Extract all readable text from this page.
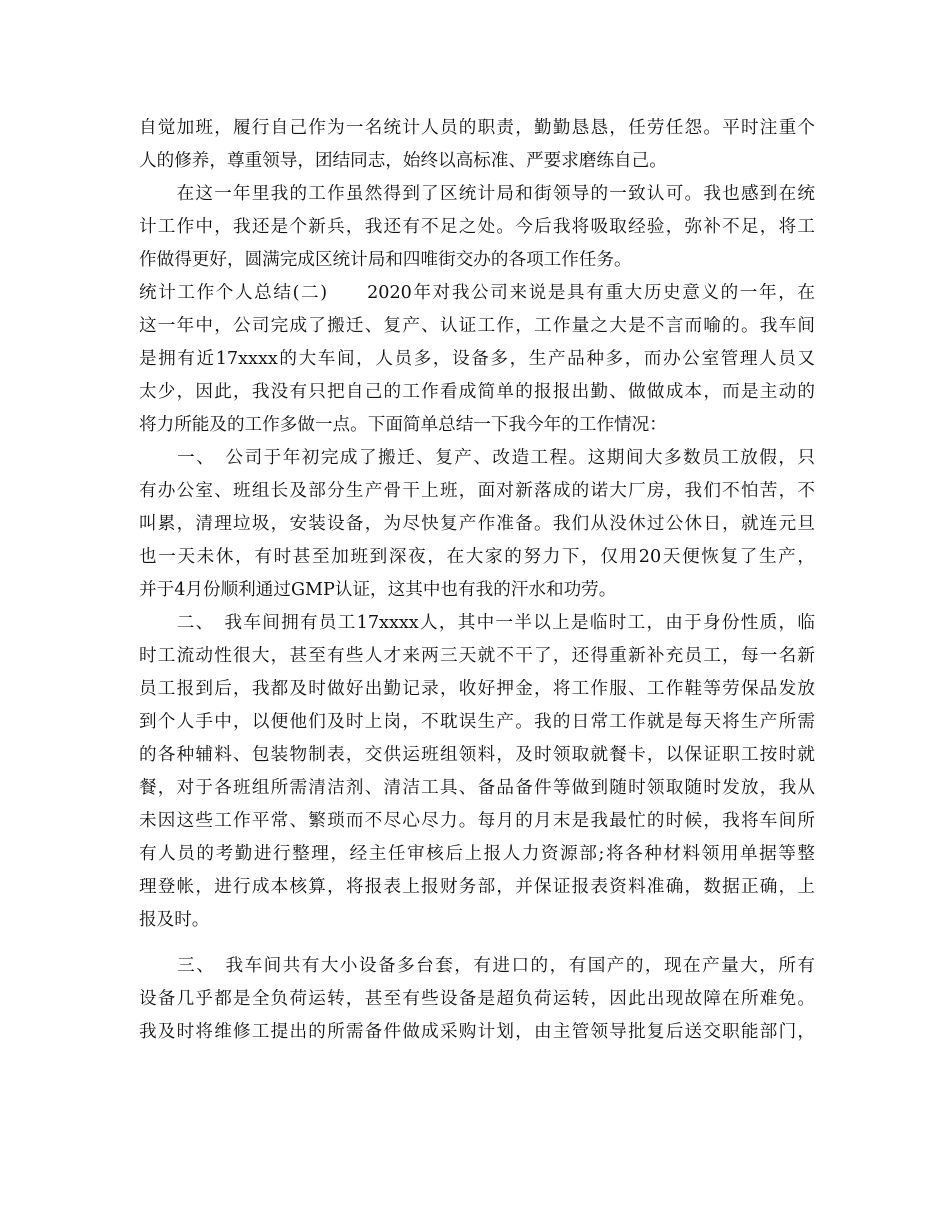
自觉加班，履行自己作为一名统计人员的职责，勤勤恳恳，任劳任怨。平时注重个
人的修养，尊重领导，团结同志，始终以高标准、严要求磨练自己。
　　在这一年里我的工作虽然得到了区统计局和街领导的一致认可。我也感到在统
计工作中，我还是个新兵，我还有不足之处。今后我将吸取经验，弥补不足，将工
作做得更好，圆满完成区统计局和四唯街交办的各项工作任务。
统计工作个人总结(二)　　2020年对我公司来说是具有重大历史意义的一年，在
这一年中，公司完成了搬迁、复产、认证工作，工作量之大是不言而喻的。我车间
是拥有近17xxxx的大车间，人员多，设备多，生产品种多，而办公室管理人员又
太少，因此，我没有只把自己的工作看成简单的报报出勤、做做成本，而是主动的
将力所能及的工作多做一点。下面简单总结一下我今年的工作情况：
　　一、　公司于年初完成了搬迁、复产、改造工程。这期间大多数员工放假，只
有办公室、班组长及部分生产骨干上班，面对新落成的诺大厂房，我们不怕苦，不
叫累，清理垃圾，安装设备，为尽快复产作准备。我们从没休过公休日，就连元旦
也一天未休，有时甚至加班到深夜，在大家的努力下，仅用20天便恢复了生产，
并于4月份顺利通过GMP认证，这其中也有我的汗水和功劳。
　　二、　我车间拥有员工17xxxx人，其中一半以上是临时工，由于身份性质，临
时工流动性很大，甚至有些人才来两三天就不干了，还得重新补充员工，每一名新
员工报到后，我都及时做好出勤记录，收好押金，将工作服、工作鞋等劳保品发放
到个人手中，以便他们及时上岗，不耽误生产。我的日常工作就是每天将生产所需
的各种辅料、包装物制表，交供运班组领料，及时领取就餐卡，以保证职工按时就
餐，对于各班组所需清洁剂、清洁工具、备品备件等做到随时领取随时发放，我从
未因这些工作平常、繁琐而不尽心尽力。每月的月末是我最忙的时候，我将车间所
有人员的考勤进行整理，经主任审核后上报人力资源部;将各种材料领用单据等整
理登帐，进行成本核算，将报表上报财务部，并保证报表资料准确，数据正确，上
报及时。
　　三、　我车间共有大小设备多台套，有进口的，有国产的，现在产量大，所有
设备几乎都是全负荷运转，甚至有些设备是超负荷运转，因此出现故障在所难免。
我及时将维修工提出的所需备件做成采购计划，由主管领导批复后送交职能部门，
